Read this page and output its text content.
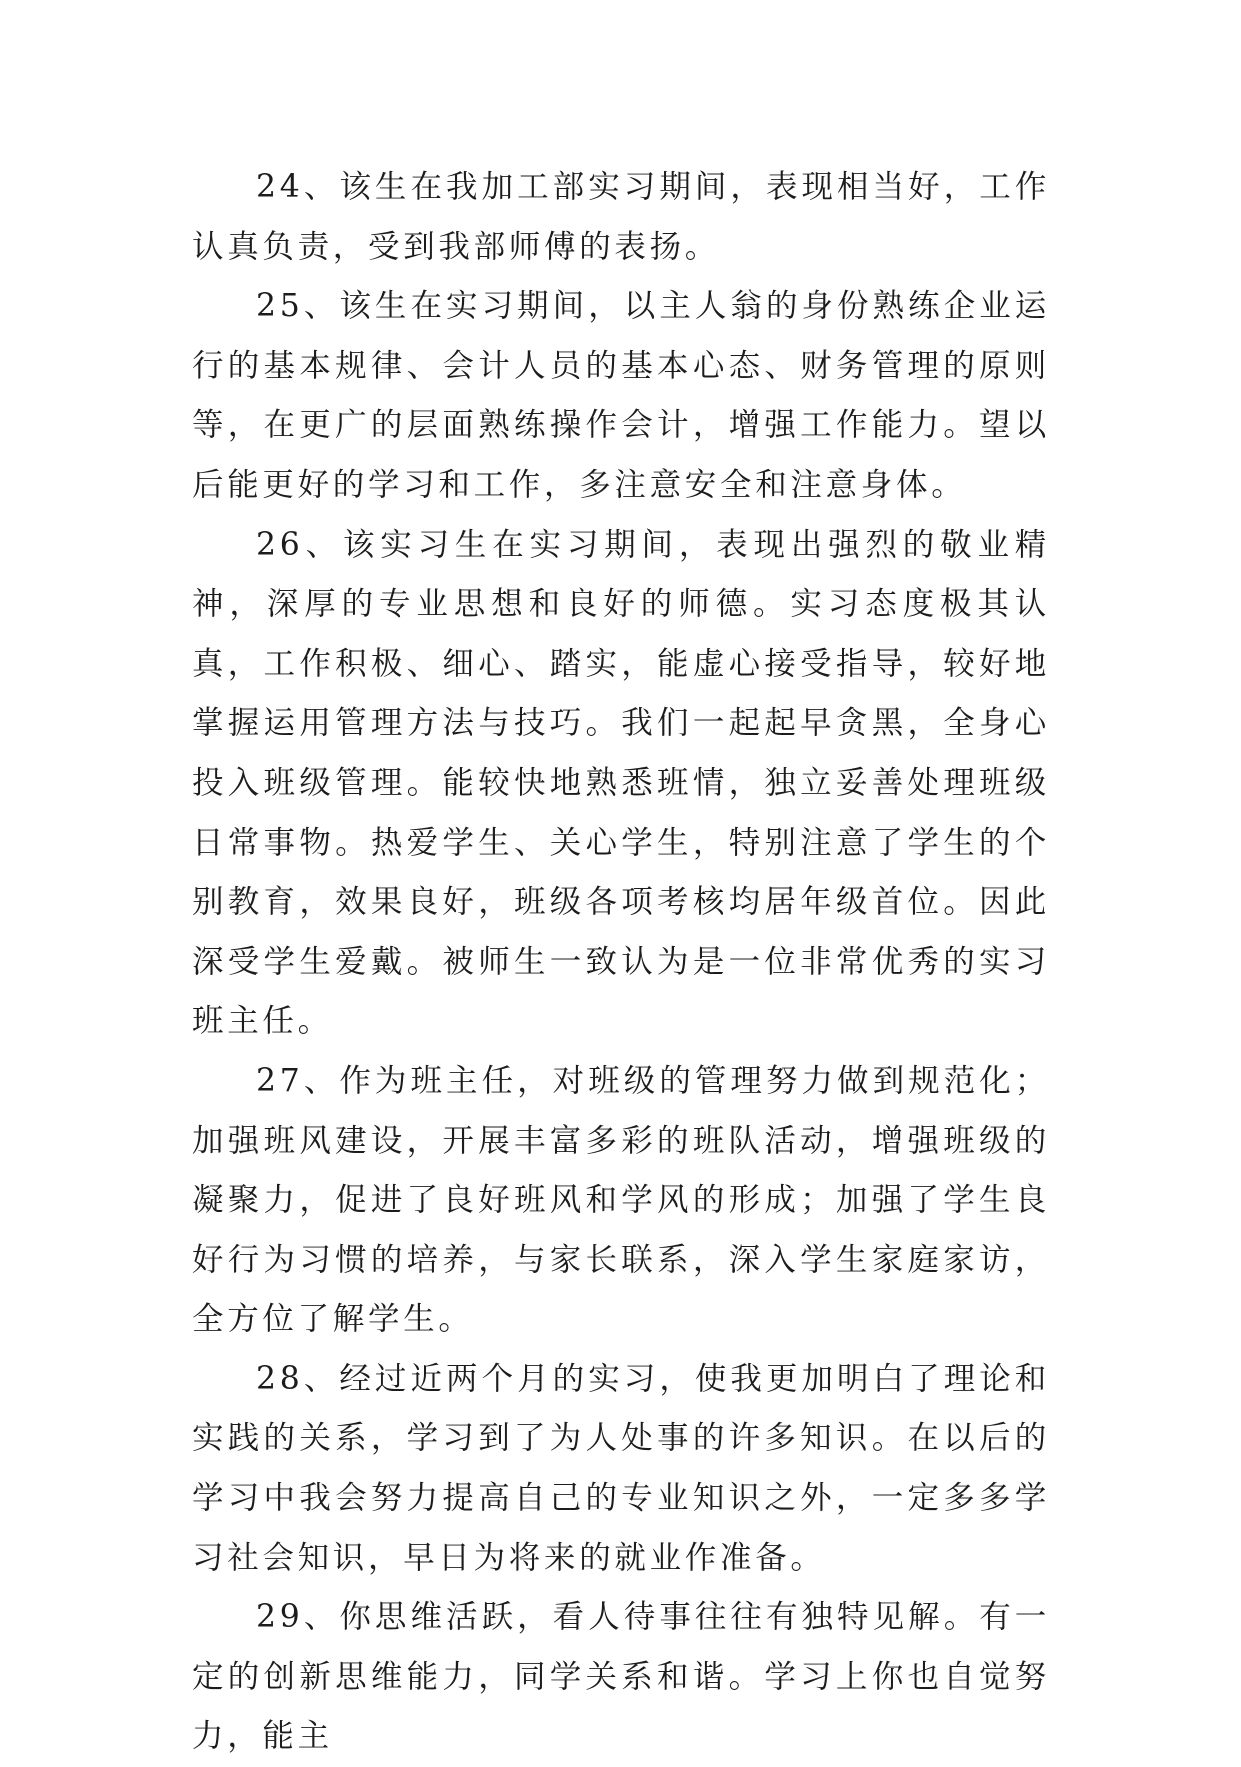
24、该生在我加工部实习期间，表现相当好，工作认真负责，受到我部师傅的表扬。

25、该生在实习期间，以主人翁的身份熟练企业运行的基本规律、会计人员的基本心态、财务管理的原则等，在更广的层面熟练操作会计，增强工作能力。望以后能更好的学习和工作，多注意安全和注意身体。

26、该实习生在实习期间，表现出强烈的敬业精神，深厚的专业思想和良好的师德。实习态度极其认真，工作积极、细心、踏实，能虚心接受指导，较好地掌握运用管理方法与技巧。我们一起起早贪黑，全身心投入班级管理。能较快地熟悉班情，独立妥善处理班级日常事物。热爱学生、关心学生，特别注意了学生的个别教育，效果良好，班级各项考核均居年级首位。因此深受学生爱戴。被师生一致认为是一位非常优秀的实习班主任。

27、作为班主任，对班级的管理努力做到规范化；加强班风建设，开展丰富多彩的班队活动，增强班级的凝聚力，促进了良好班风和学风的形成；加强了学生良好行为习惯的培养，与家长联系，深入学生家庭家访，全方位了解学生。

28、经过近两个月的实习，使我更加明白了理论和实践的关系，学习到了为人处事的许多知识。在以后的学习中我会努力提高自己的专业知识之外，一定多多学习社会知识，早日为将来的就业作准备。

29、你思维活跃，看人待事往往有独特见解。有一定的创新思维能力，同学关系和谐。学习上你也自觉努力，能主
